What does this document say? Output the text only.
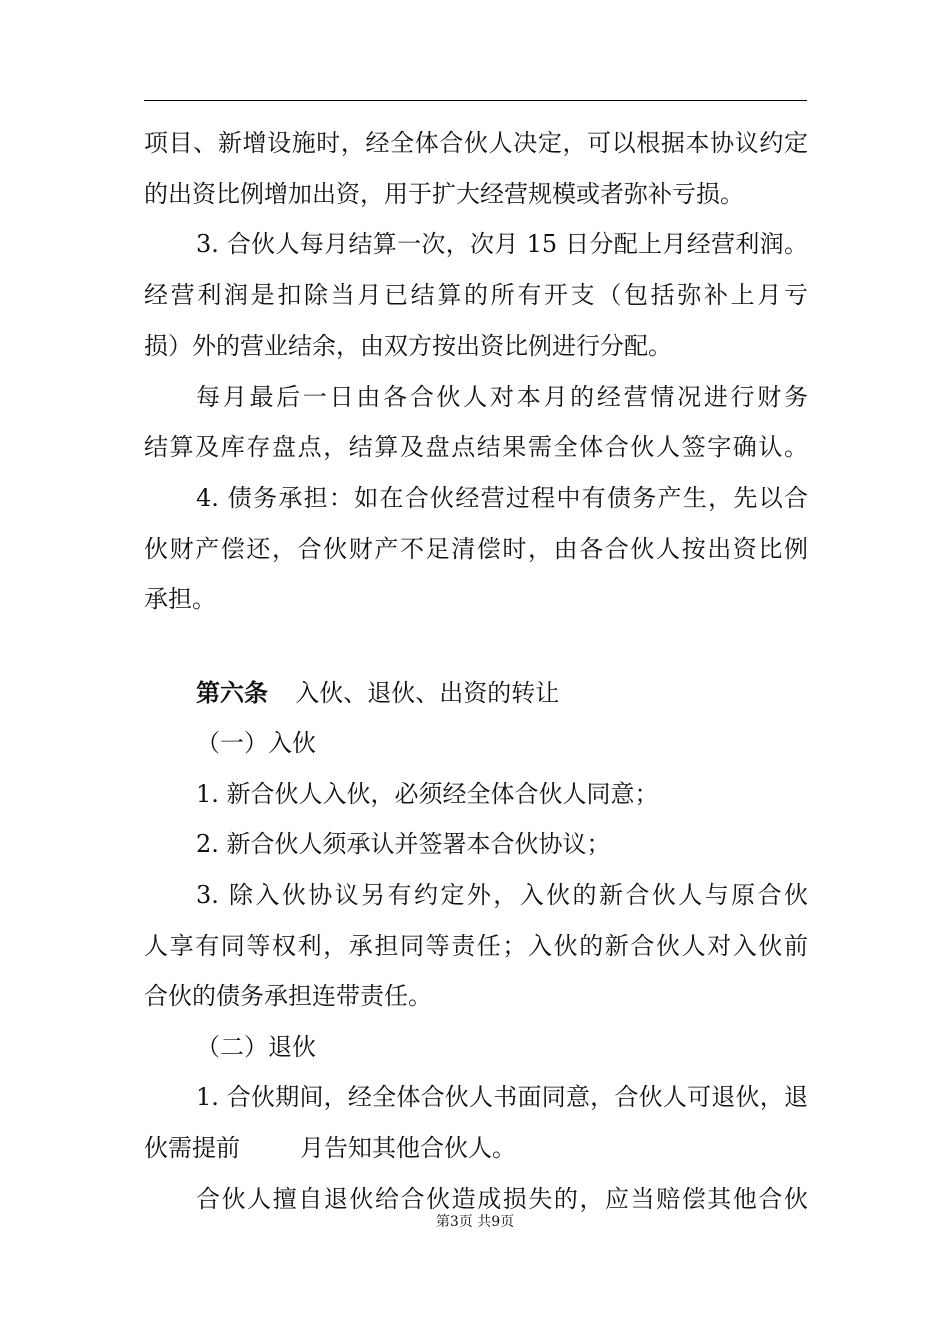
项目、新增设施时，经全体合伙人决定，可以根据本协议约定
的出资比例增加出资，用于扩大经营规模或者弥补亏损。
3. 合伙人每月结算一次，次月 15 日分配上月经营利润。
经营利润是扣除当月已结算的所有开支（包括弥补上月亏
损）外的营业结余，由双方按出资比例进行分配。
每月最后一日由各合伙人对本月的经营情况进行财务
结算及库存盘点，结算及盘点结果需全体合伙人签字确认。
4. 债务承担：如在合伙经营过程中有债务产生，先以合
伙财产偿还，合伙财产不足清偿时，由各合伙人按出资比例
承担。
第六条 入伙、退伙、出资的转让
（一）入伙
1. 新合伙人入伙，必须经全体合伙人同意；
2. 新合伙人须承认并签署本合伙协议；
3. 除入伙协议另有约定外，入伙的新合伙人与原合伙
人享有同等权利，承担同等责任；入伙的新合伙人对入伙前
合伙的债务承担连带责任。
（二）退伙
1. 合伙期间，经全体合伙人书面同意，合伙人可退伙，退
伙需提前	月告知其他合伙人。
合伙人擅自退伙给合伙造成损失的，应当赔偿其他合伙
第3页 共9页
